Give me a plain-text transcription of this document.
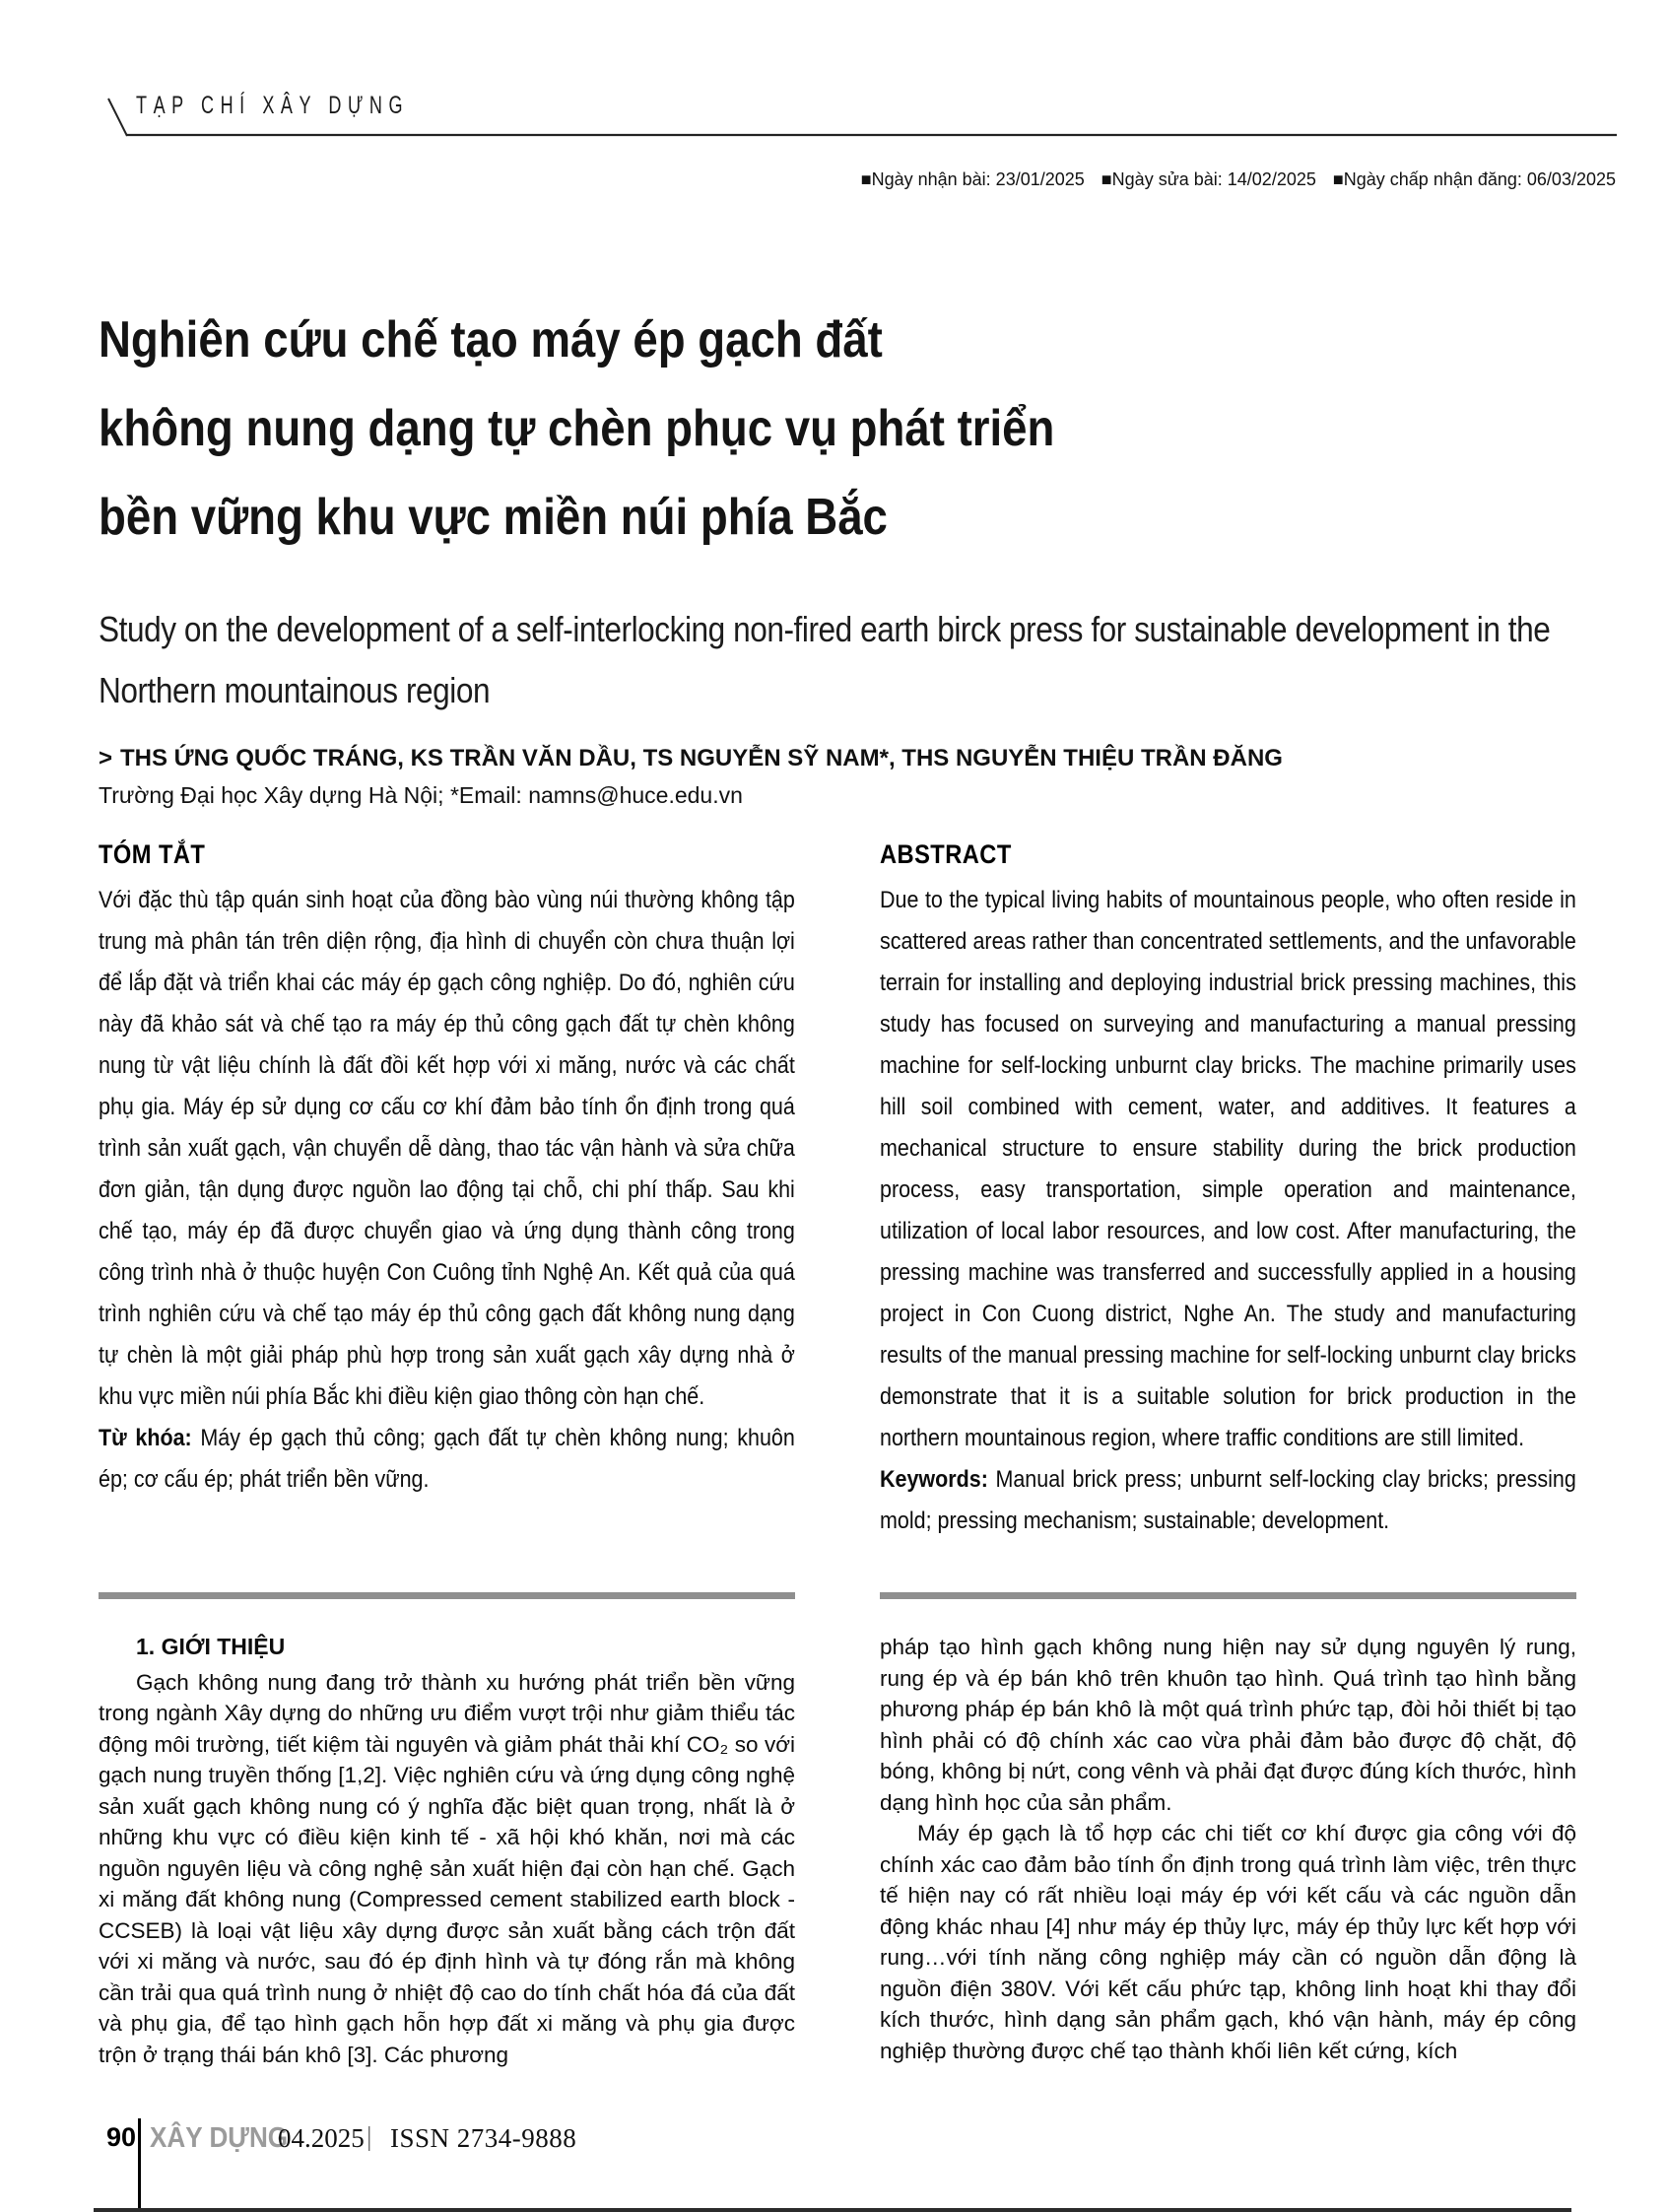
TẠP CHÍ XÂY DỰNG
■Ngày nhận bài: 23/01/2025 ■Ngày sửa bài: 14/02/2025 ■Ngày chấp nhận đăng: 06/03/2025
Nghiên cứu chế tạo máy ép gạch đất
không nung dạng tự chèn phục vụ phát triển
bền vững khu vực miền núi phía Bắc
Study on the development of a self-interlocking non-fired earth birck press for sustainable development in the Northern mountainous region
> THS ỨNG QUỐC TRÁNG, KS TRẦN VĂN DẦU, TS NGUYỄN SỸ NAM*, THS NGUYỄN THIỆU TRẦN ĐĂNG
Trường Đại học Xây dựng Hà Nội; *Email: namns@huce.edu.vn
TÓM TẮT

Với đặc thù tập quán sinh hoạt của đồng bào vùng núi thường không tập trung mà phân tán trên diện rộng, địa hình di chuyển còn chưa thuận lợi để lắp đặt và triển khai các máy ép gạch công nghiệp. Do đó, nghiên cứu này đã khảo sát và chế tạo ra máy ép thủ công gạch đất tự chèn không nung từ vật liệu chính là đất đồi kết hợp với xi măng, nước và các chất phụ gia. Máy ép sử dụng cơ cấu cơ khí đảm bảo tính ổn định trong quá trình sản xuất gạch, vận chuyển dễ dàng, thao tác vận hành và sửa chữa đơn giản, tận dụng được nguồn lao động tại chỗ, chi phí thấp. Sau khi chế tạo, máy ép đã được chuyển giao và ứng dụng thành công trong công trình nhà ở thuộc huyện Con Cuông tỉnh Nghệ An. Kết quả của quá trình nghiên cứu và chế tạo máy ép thủ công gạch đất không nung dạng tự chèn là một giải pháp phù hợp trong sản xuất gạch xây dựng nhà ở khu vực miền núi phía Bắc khi điều kiện giao thông còn hạn chế.

Từ khóa: Máy ép gạch thủ công; gạch đất tự chèn không nung; khuôn ép; cơ cấu ép; phát triển bền vững.

ABSTRACT

Due to the typical living habits of mountainous people, who often reside in scattered areas rather than concentrated settlements, and the unfavorable terrain for installing and deploying industrial brick pressing machines, this study has focused on surveying and manufacturing a manual pressing machine for self-locking unburnt clay bricks. The machine primarily uses hill soil combined with cement, water, and additives. It features a mechanical structure to ensure stability during the brick production process, easy transportation, simple operation and maintenance, utilization of local labor resources, and low cost. After manufacturing, the pressing machine was transferred and successfully applied in a housing project in Con Cuong district, Nghe An. The study and manufacturing results of the manual pressing machine for self-locking unburnt clay bricks demonstrate that it is a suitable solution for brick production in the northern mountainous region, where traffic conditions are still limited.

Keywords: Manual brick press; unburnt self-locking clay bricks; pressing mold; pressing mechanism; sustainable; development.

1. GIỚI THIỆU

Gạch không nung đang trở thành xu hướng phát triển bền vững trong ngành Xây dựng do những ưu điểm vượt trội như giảm thiểu tác động môi trường, tiết kiệm tài nguyên và giảm phát thải khí CO₂ so với gạch nung truyền thống [1,2]. Việc nghiên cứu và ứng dụng công nghệ sản xuất gạch không nung có ý nghĩa đặc biệt quan trọng, nhất là ở những khu vực có điều kiện kinh tế - xã hội khó khăn, nơi mà các nguồn nguyên liệu và công nghệ sản xuất hiện đại còn hạn chế. Gạch xi măng đất không nung (Compressed cement stabilized earth block - CCSEB) là loại vật liệu xây dựng được sản xuất bằng cách trộn đất với xi măng và nước, sau đó ép định hình và tự đóng rắn mà không cần trải qua quá trình nung ở nhiệt độ cao do tính chất hóa đá của đất và phụ gia, để tạo hình gạch hỗn hợp đất xi măng và phụ gia được trộn ở trạng thái bán khô [3]. Các phương

pháp tạo hình gạch không nung hiện nay sử dụng nguyên lý rung, rung ép và ép bán khô trên khuôn tạo hình. Quá trình tạo hình bằng phương pháp ép bán khô là một quá trình phức tạp, đòi hỏi thiết bị tạo hình phải có độ chính xác cao vừa phải đảm bảo được độ chặt, độ bóng, không bị nứt, cong vênh và phải đạt được đúng kích thước, hình dạng hình học của sản phẩm.

Máy ép gạch là tổ hợp các chi tiết cơ khí được gia công với độ chính xác cao đảm bảo tính ổn định trong quá trình làm việc, trên thực tế hiện nay có rất nhiều loại máy ép với kết cấu và các nguồn dẫn động khác nhau [4] như máy ép thủy lực, máy ép thủy lực kết hợp với rung…với tính năng công nghiệp máy cần có nguồn dẫn động là nguồn điện 380V. Với kết cấu phức tạp, không linh hoạt khi thay đổi kích thước, hình dạng sản phẩm gạch, khó vận hành, máy ép công nghiệp thường được chế tạo thành khối liên kết cứng, kích

90 XÂY DỰNG
04.2025 | ISSN 2734-9888
